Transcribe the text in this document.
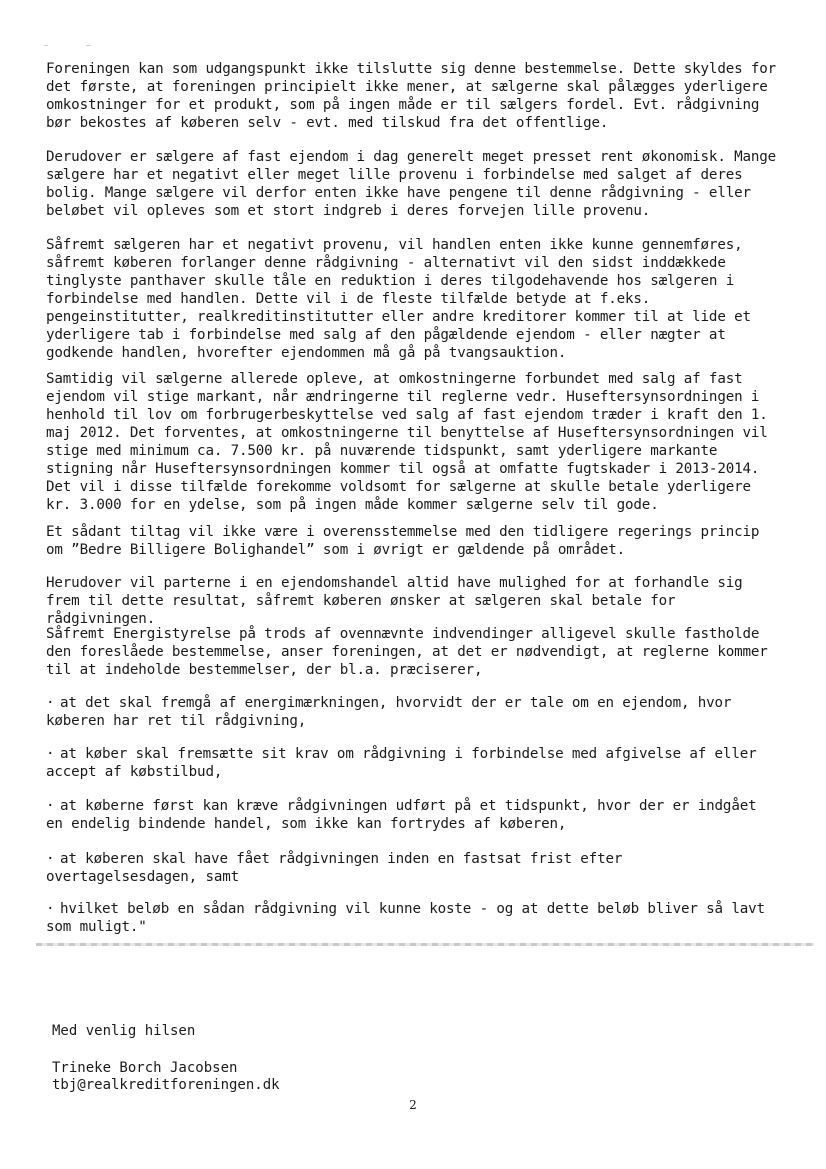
Foreningen kan som udgangspunkt ikke tilslutte sig denne bestemmelse. Dette skyldes for det første, at foreningen principielt ikke mener, at sælgerne skal pålægges yderligere omkostninger for et produkt, som på ingen måde er til sælgers fordel. Evt. rådgivning bør bekostes af køberen selv - evt. med tilskud fra det offentlige.

Derudover er sælgere af fast ejendom i dag generelt meget presset rent økonomisk. Mange sælgere har et negativt eller meget lille provenu i forbindelse med salget af deres bolig. Mange sælgere vil derfor enten ikke have pengene til denne rådgivning - eller beløbet vil opleves som et stort indgreb i deres forvejen lille provenu.

Såfremt sælgeren har et negativt provenu, vil handlen enten ikke kunne gennemføres, såfremt køberen forlanger denne rådgivning - alternativt vil den sidst inddækkede tinglyste panthaver skulle tåle en reduktion i deres tilgodehavende hos sælgeren i forbindelse med handlen. Dette vil i de fleste tilfælde betyde at f.eks. pengeinstitutter, realkreditinstitutter eller andre kreditorer kommer til at lide et yderligere tab i forbindelse med salg af den pågældende ejendom - eller nægter at godkende handlen, hvorefter ejendommen må gå på tvangsauktion.

Samtidig vil sælgerne allerede opleve, at omkostningerne forbundet med salg af fast ejendom vil stige markant, når ændringerne til reglerne vedr. Huseftersynsordningen i henhold til lov om forbrugerbeskyttelse ved salg af fast ejendom træder i kraft den 1. maj 2012. Det forventes, at omkostningerne til benyttelse af Huseftersynsordningen vil stige med minimum ca. 7.500 kr. på nuværende tidspunkt, samt yderligere markante stigning når Huseftersynsordningen kommer til også at omfatte fugtskader i 2013-2014. Det vil i disse tilfælde forekomme voldsomt for sælgerne at skulle betale yderligere kr. 3.000 for en ydelse, som på ingen måde kommer sælgerne selv til gode.

Et sådant tiltag vil ikke være i overensstemmelse med den tidligere regerings princip om ”Bedre Billigere Bolighandel” som i øvrigt er gældende på området.

Herudover vil parterne i en ejendomshandel altid have mulighed for at forhandle sig frem til dette resultat, såfremt køberen ønsker at sælgeren skal betale for rådgivningen.

Såfremt Energistyrelse på trods af ovennævnte indvendinger alligevel skulle fastholde den foreslåede bestemmelse, anser foreningen, at det er nødvendigt, at reglerne kommer til at indeholde bestemmelser, der bl.a. præciserer,

· at det skal fremgå af energimærkningen, hvorvidt der er tale om en ejendom, hvor køberen har ret til rådgivning,

· at køber skal fremsætte sit krav om rådgivning i forbindelse med afgivelse af eller accept af købstilbud,

· at køberne først kan kræve rådgivningen udført på et tidspunkt, hvor der er indgået en endelig bindende handel, som ikke kan fortrydes af køberen,

· at køberen skal have fået rådgivningen inden en fastsat frist efter overtagelsesdagen, samt

· hvilket beløb en sådan rådgivning vil kunne koste - og at dette beløb bliver så lavt som muligt."

Med venlig hilsen
Trineke Borch Jacobsen
tbj@realkreditforeningen.dk
2
